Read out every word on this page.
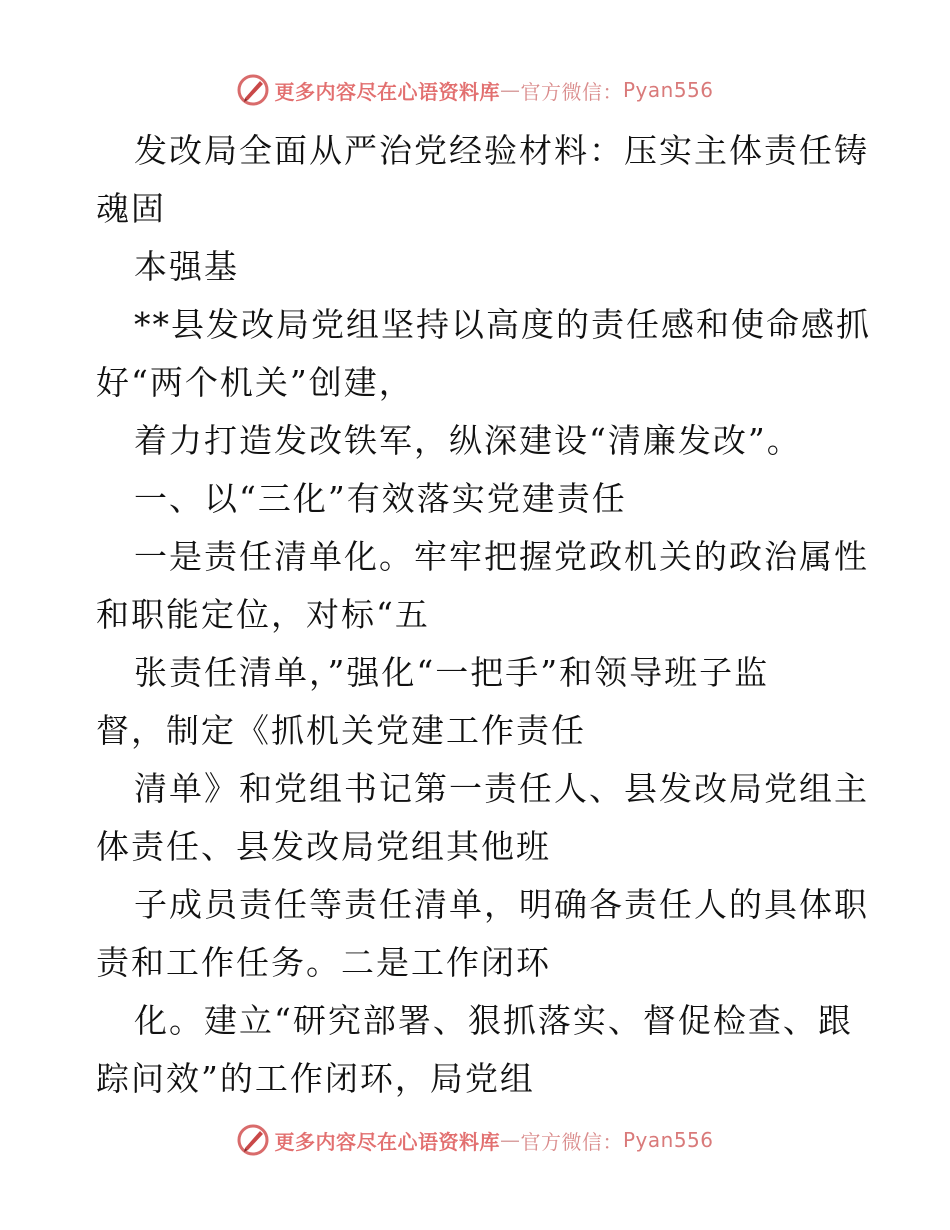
更多内容尽在心语资料库 — 官方微信： Pyan556
发改局全面从严治党经验材料：压实主体责任铸
魂固
本强基
**县发改局党组坚持以高度的责任感和使命感抓
好“两个机关”创建，
着力打造发改铁军，纵深建设“清廉发改”。
一、以“三化”有效落实党建责任
一是责任清单化。牢牢把握党政机关的政治属性
和职能定位，对标“五
张责任清单，”强化“一把手”和领导班子监
督，制定《抓机关党建工作责任
清单》和党组书记第一责任人、县发改局党组主
体责任、县发改局党组其他班
子成员责任等责任清单，明确各责任人的具体职
责和工作任务。二是工作闭环
化。建立“研究部署、狠抓落实、督促检查、跟
踪问效”的工作闭环，局党组
更多内容尽在心语资料库 — 官方微信： Pyan556
